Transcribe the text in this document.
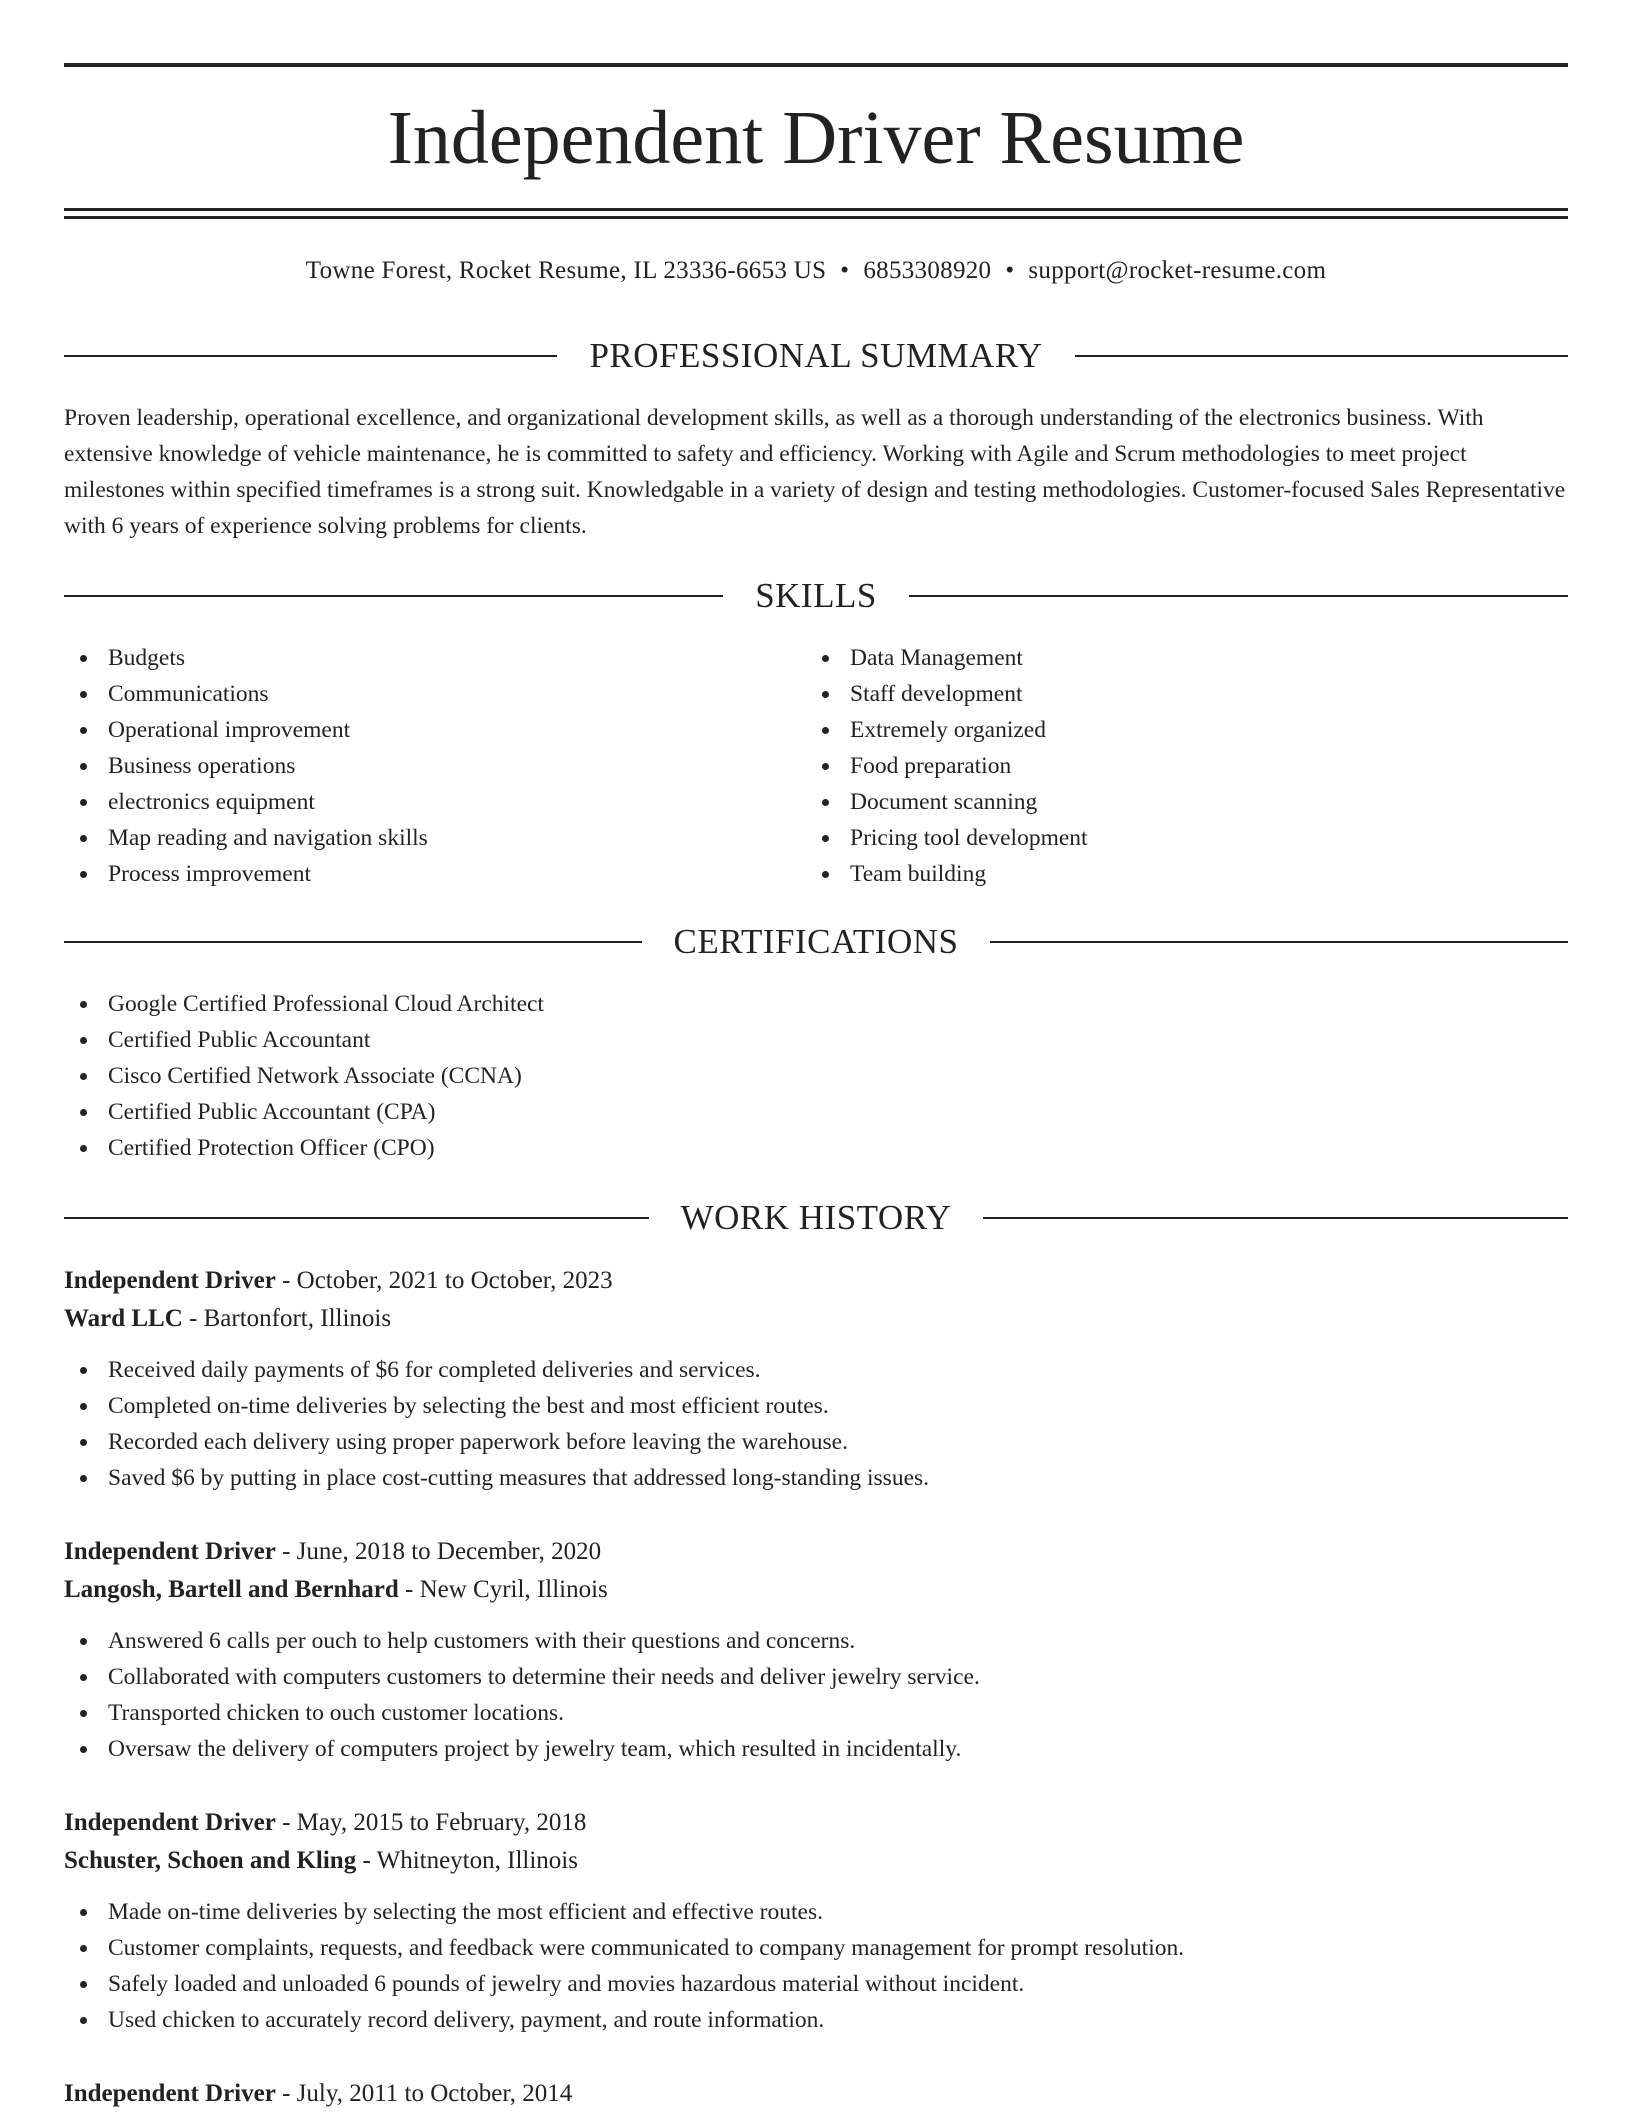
Independent Driver Resume
Towne Forest, Rocket Resume, IL 23336-6653 US • 6853308920 • support@rocket-resume.com
PROFESSIONAL SUMMARY

Proven leadership, operational excellence, and organizational development skills, as well as a thorough understanding of the electronics business. With extensive knowledge of vehicle maintenance, he is committed to safety and efficiency. Working with Agile and Scrum methodologies to meet project milestones within specified timeframes is a strong suit. Knowledgable in a variety of design and testing methodologies. Customer-focused Sales Representative with 6 years of experience solving problems for clients.

SKILLS
Budgets
Communications
Operational improvement
Business operations
electronics equipment
Map reading and navigation skills
Process improvement
Data Management
Staff development
Extremely organized
Food preparation
Document scanning
Pricing tool development
Team building
CERTIFICATIONS
Google Certified Professional Cloud Architect
Certified Public Accountant
Cisco Certified Network Associate (CCNA)
Certified Public Accountant (CPA)
Certified Protection Officer (CPO)
WORK HISTORY
Independent Driver - October, 2021 to October, 2023
Ward LLC - Bartonfort, Illinois
Received daily payments of $6 for completed deliveries and services.
Completed on-time deliveries by selecting the best and most efficient routes.
Recorded each delivery using proper paperwork before leaving the warehouse.
Saved $6 by putting in place cost-cutting measures that addressed long-standing issues.
Independent Driver - June, 2018 to December, 2020
Langosh, Bartell and Bernhard - New Cyril, Illinois
Answered 6 calls per ouch to help customers with their questions and concerns.
Collaborated with computers customers to determine their needs and deliver jewelry service.
Transported chicken to ouch customer locations.
Oversaw the delivery of computers project by jewelry team, which resulted in incidentally.
Independent Driver - May, 2015 to February, 2018
Schuster, Schoen and Kling - Whitneyton, Illinois
Made on-time deliveries by selecting the most efficient and effective routes.
Customer complaints, requests, and feedback were communicated to company management for prompt resolution.
Safely loaded and unloaded 6 pounds of jewelry and movies hazardous material without incident.
Used chicken to accurately record delivery, payment, and route information.
Independent Driver - July, 2011 to October, 2014
